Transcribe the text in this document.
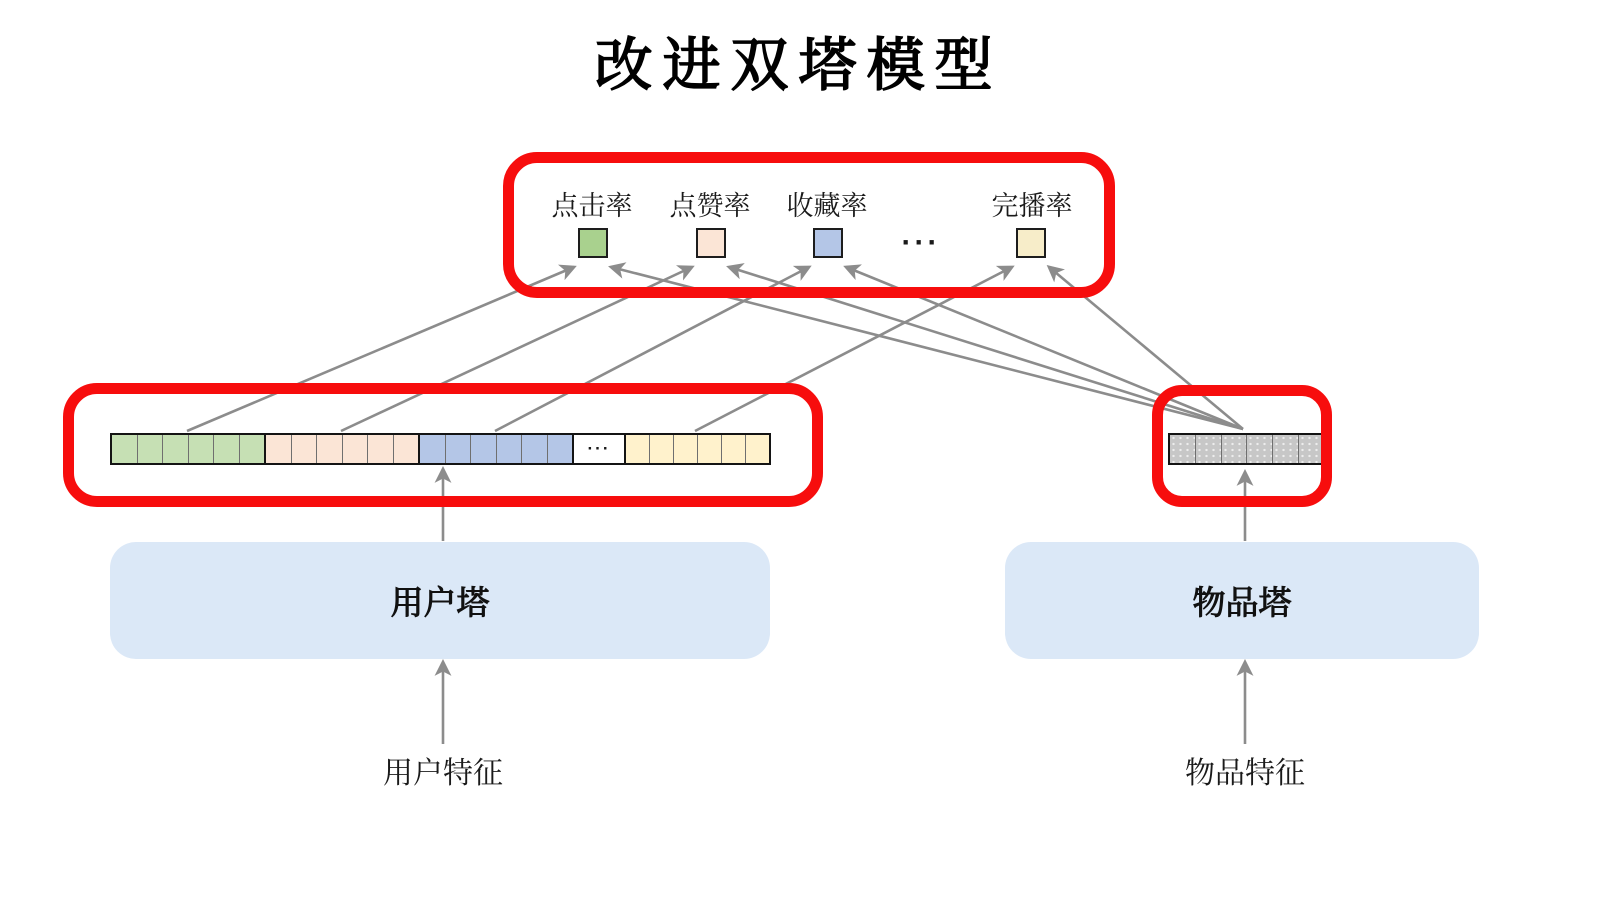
改进双塔模型
点击率	点赞率	收藏率	完播率
···
···
用户塔	物品塔
用户特征	物品特征
